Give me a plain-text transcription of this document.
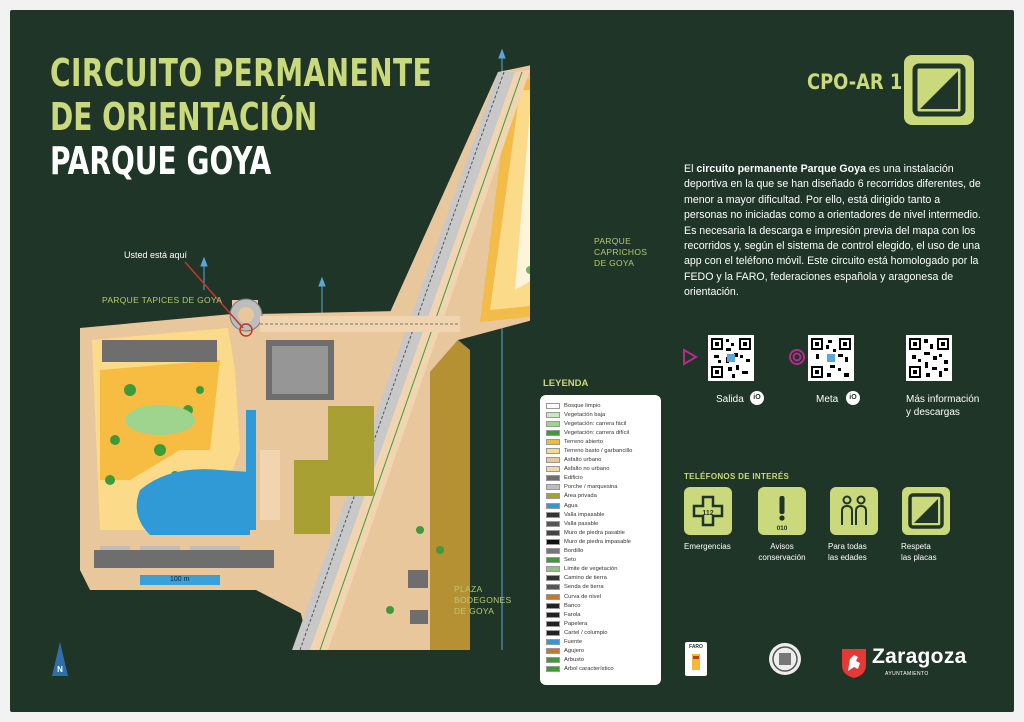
CIRCUITO PERMANENTE
DE ORIENTACIÓN
PARQUE GOYA
CPO-AR 1
El circuito permanente Parque Goya es una instalación deportiva en la que se han diseñado 6 recorridos diferentes, de menor a mayor dificultad. Por ello, está dirigido tanto a personas no iniciadas como a orientadores de nivel intermedio. Es necesaria la descarga e impresión previa del mapa con los recorridos y, según el sistema de control elegido, el uso de una app con el teléfono móvil. Este circuito está homologado por la FEDO y la FARO, federaciones española y aragonesa de orientación.
Salida	iO	Meta	iO	Más información y descargas
TELÉFONOS DE INTERÉS
112
010
Emergencias	Avisos conservación
Para todas las edades
Respeta las placas
Usted está aquí
PARQUE TAPICES DE GOYA
PARQUE CAPRICHOS DE GOYA
PLAZA BODEGONES DE GOYA
100 m
N
LEYENDA
Bosque limpio
Vegetación baja
Vegetación: carrera fácil
Vegetación: carrera difícil
Terreno abierto
Terreno basto / garbancillo
Asfalto urbano
Asfalto no urbano
Edificio
Porche / marquesina
Área privada
Agua
Valla impasable
Valla pasable
Muro de piedra pasable
Muro de piedra impasable
Bordillo
Seto
Límite de vegetación
Camino de tierra
Senda de tierra
Curva de nivel
Banco
Farola
Papelera
Cartel / columpio
Fuente
Agujero
Arbusto
Árbol característico
FARO	Zaragoza
AYUNTAMIENTO
